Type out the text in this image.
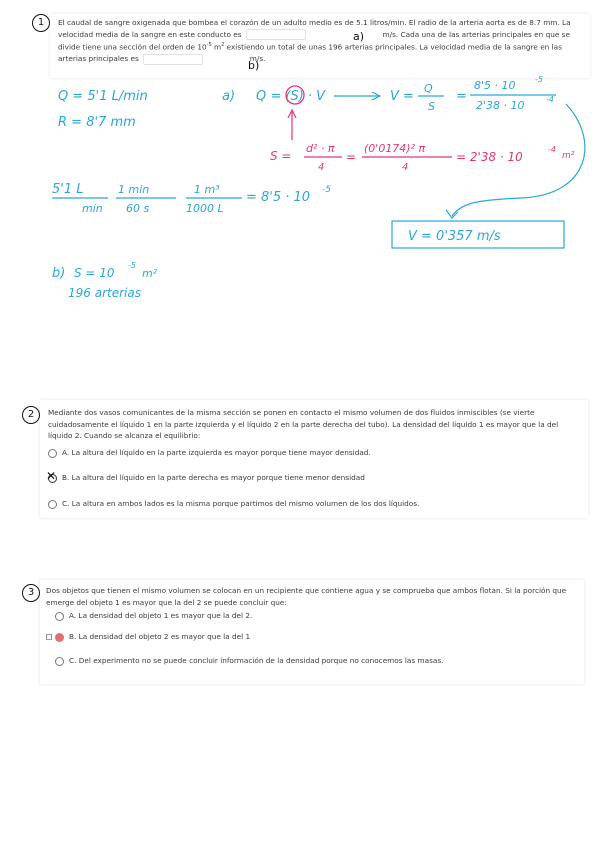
1	El caudal de sangre oxigenada que bombea el corazón de un adulto medio es de 5.1 litros/min. El radio de la arteria aorta es de 8.7 mm. La velocidad media de la sangre en este conducto es	m/s. Cada una de las arterias principales en que se divide tiene una sección del orden de $10^{-5}$ $m^2$ existiendo un total de unas 196 arterias principales. La velocidad media de la sangre en las arterias principales es	m/s.
a)
b)
Q = 5'1 L/min
R = 8'7 mm
a) Q = (S) · V	V =
Q
S
=
8'5 · 10 -5
2'38 · 10	-4
5'1 L
min
1 min
60 s
1 m³
1000 L
= 8'5 · 10 -5
V = 0'357 m/s
b) S = 10
-5
m²
196 arterias
S =
d² · π
4
=
(0'0174)² π
4
= 2'38 · 10
-4
m²
2	Mediante dos vasos comunicantes de la misma sección se ponen en contacto el mismo volumen de dos fluidos inmiscibles (se vierte cuidadosamente el líquido 1 en la parte izquierda y el líquido 2 en la parte derecha del tubo). La densidad del líquido 1 es mayor que la del líquido 2. Cuando se alcanza el equilibrio:
A. La altura del líquido en la parte izquierda es mayor porque tiene mayor densidad.
B. La altura del líquido en la parte derecha es mayor porque tiene menor densidad
✕
C. La altura en ambos lados es la misma porque partimos del mismo volumen de los dos líquidos.
3	Dos objetos que tienen el mismo volumen se colocan en un recipiente que contiene agua y se comprueba que ambos flotan. Si la porción que emerge del objeto 1 es mayor que la del 2 se puede concluir que:
A. La densidad del objeto 1 es mayor que la del 2.
B. La densidad del objeto 2 es mayor que la del 1
C. Del experimento no se puede concluir información de la densidad porque no conocemos las masas.
